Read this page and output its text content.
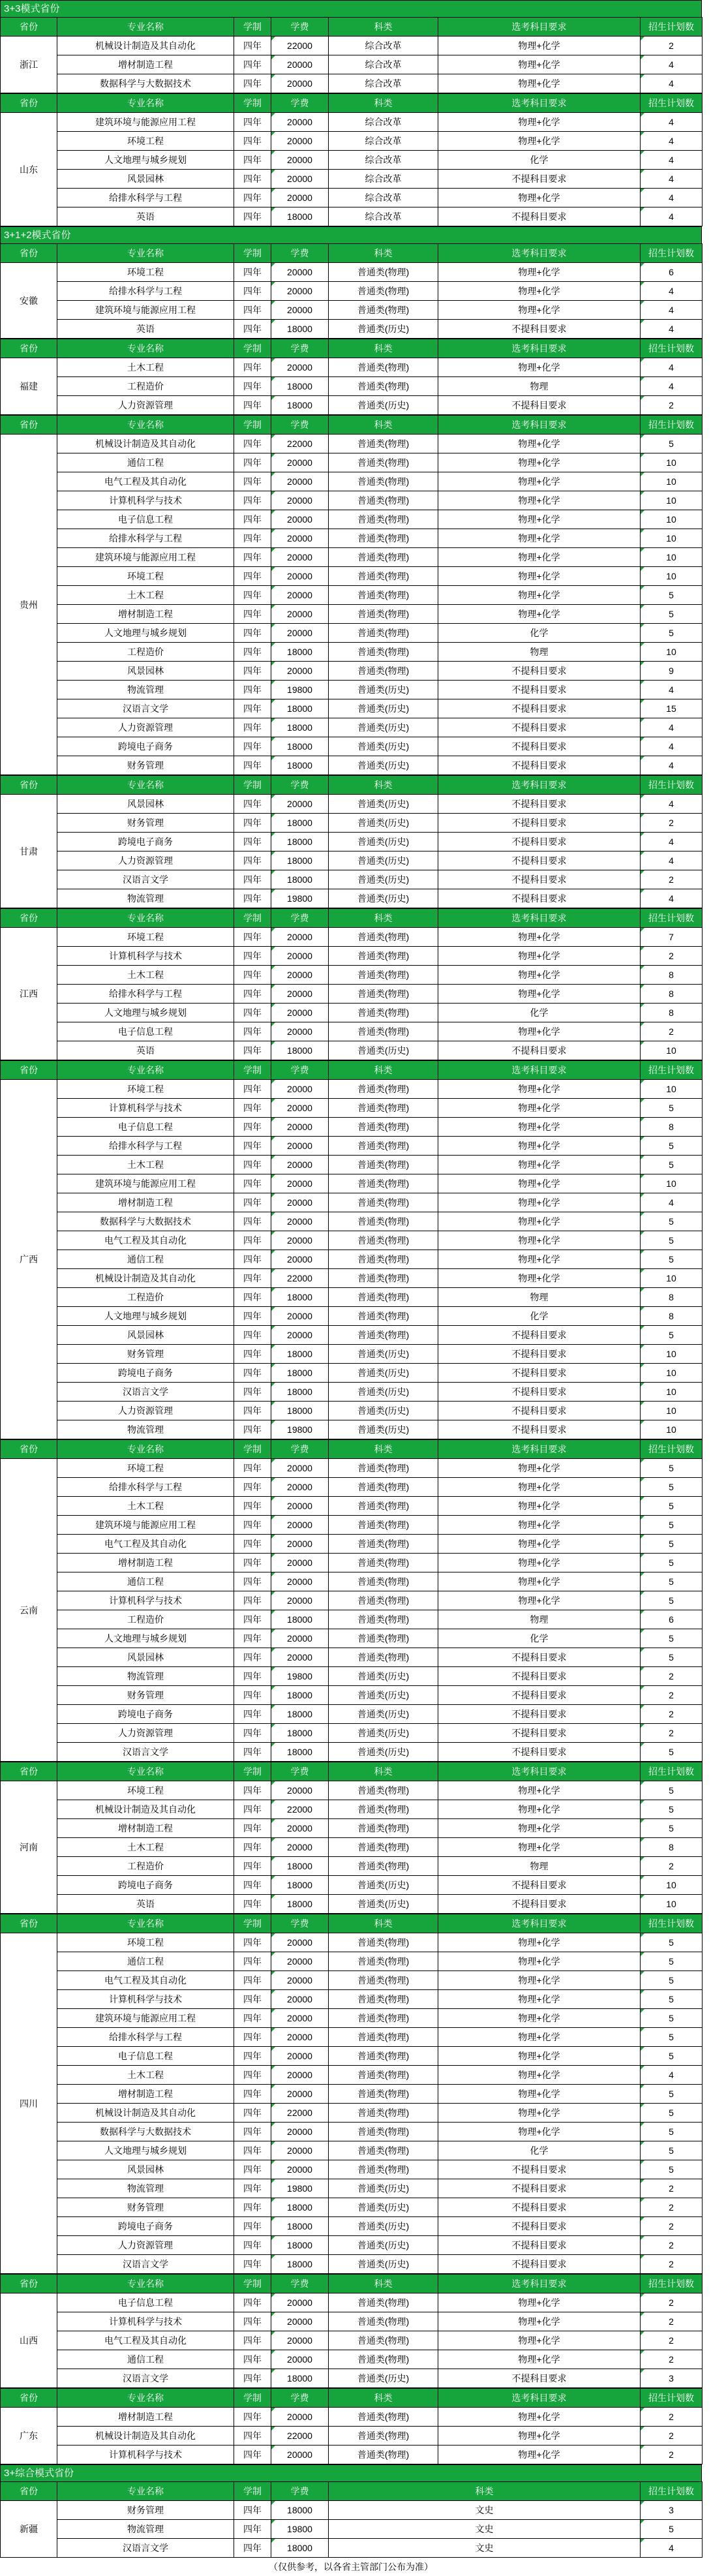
3+3模式省份
省份	专业名称	学制	学费	科类	选考科目要求	招生计划数
浙江	机械设计制造及其自动化	四年	22000	综合改革	物理+化学	2
	增材制造工程	四年	20000	综合改革	物理+化学	4
	数据科学与大数据技术	四年	20000	综合改革	物理+化学	4
省份	专业名称	学制	学费	科类	选考科目要求	招生计划数
山东	建筑环境与能源应用工程	四年	20000	综合改革	物理+化学	4
	环境工程	四年	20000	综合改革	物理+化学	4
	人文地理与城乡规划	四年	20000	综合改革	化学	4
	风景园林	四年	20000	综合改革	不提科目要求	4
	给排水科学与工程	四年	20000	综合改革	物理+化学	4
	英语	四年	18000	综合改革	不提科目要求	4
3+1+2模式省份
省份	专业名称	学制	学费	科类	选考科目要求	招生计划数
安徽	环境工程	四年	20000	普通类(物理)	物理+化学	6
	给排水科学与工程	四年	20000	普通类(物理)	物理+化学	4
	建筑环境与能源应用工程	四年	20000	普通类(物理)	物理+化学	4
	英语	四年	18000	普通类(历史)	不提科目要求	4
省份	专业名称	学制	学费	科类	选考科目要求	招生计划数
福建	土木工程	四年	20000	普通类(物理)	物理+化学	4
	工程造价	四年	18000	普通类(物理)	物理	4
	人力资源管理	四年	18000	普通类(历史)	不提科目要求	2
省份	专业名称	学制	学费	科类	选考科目要求	招生计划数
贵州	机械设计制造及其自动化	四年	22000	普通类(物理)	物理+化学	5
	通信工程	四年	20000	普通类(物理)	物理+化学	10
	电气工程及其自动化	四年	20000	普通类(物理)	物理+化学	10
	计算机科学与技术	四年	20000	普通类(物理)	物理+化学	10
	电子信息工程	四年	20000	普通类(物理)	物理+化学	10
	给排水科学与工程	四年	20000	普通类(物理)	物理+化学	10
	建筑环境与能源应用工程	四年	20000	普通类(物理)	物理+化学	10
	环境工程	四年	20000	普通类(物理)	物理+化学	10
	土木工程	四年	20000	普通类(物理)	物理+化学	5
	增材制造工程	四年	20000	普通类(物理)	物理+化学	5
	人文地理与城乡规划	四年	20000	普通类(物理)	化学	5
	工程造价	四年	18000	普通类(物理)	物理	10
	风景园林	四年	20000	普通类(物理)	不提科目要求	9
	物流管理	四年	19800	普通类(历史)	不提科目要求	4
	汉语言文学	四年	18000	普通类(历史)	不提科目要求	15
	人力资源管理	四年	18000	普通类(历史)	不提科目要求	4
	跨境电子商务	四年	18000	普通类(历史)	不提科目要求	4
	财务管理	四年	18000	普通类(历史)	不提科目要求	4
省份	专业名称	学制	学费	科类	选考科目要求	招生计划数
甘肃	风景园林	四年	20000	普通类(历史)	不提科目要求	4
	财务管理	四年	18000	普通类(历史)	不提科目要求	2
	跨境电子商务	四年	18000	普通类(历史)	不提科目要求	4
	人力资源管理	四年	18000	普通类(历史)	不提科目要求	4
	汉语言文学	四年	18000	普通类(历史)	不提科目要求	2
	物流管理	四年	19800	普通类(历史)	不提科目要求	4
省份	专业名称	学制	学费	科类	选考科目要求	招生计划数
江西	环境工程	四年	20000	普通类(物理)	物理+化学	7
	计算机科学与技术	四年	20000	普通类(物理)	物理+化学	2
	土木工程	四年	20000	普通类(物理)	物理+化学	8
	给排水科学与工程	四年	20000	普通类(物理)	物理+化学	8
	人文地理与城乡规划	四年	20000	普通类(物理)	化学	8
	电子信息工程	四年	20000	普通类(物理)	物理+化学	2
	英语	四年	18000	普通类(历史)	不提科目要求	10
省份	专业名称	学制	学费	科类	选考科目要求	招生计划数
广西	环境工程	四年	20000	普通类(物理)	物理+化学	10
	计算机科学与技术	四年	20000	普通类(物理)	物理+化学	5
	电子信息工程	四年	20000	普通类(物理)	物理+化学	8
	给排水科学与工程	四年	20000	普通类(物理)	物理+化学	5
	土木工程	四年	20000	普通类(物理)	物理+化学	5
	建筑环境与能源应用工程	四年	20000	普通类(物理)	物理+化学	10
	增材制造工程	四年	20000	普通类(物理)	物理+化学	4
	数据科学与大数据技术	四年	20000	普通类(物理)	物理+化学	5
	电气工程及其自动化	四年	20000	普通类(物理)	物理+化学	5
	通信工程	四年	20000	普通类(物理)	物理+化学	5
	机械设计制造及其自动化	四年	22000	普通类(物理)	物理+化学	10
	工程造价	四年	18000	普通类(物理)	物理	8
	人文地理与城乡规划	四年	20000	普通类(物理)	化学	8
	风景园林	四年	20000	普通类(物理)	不提科目要求	5
	财务管理	四年	18000	普通类(历史)	不提科目要求	10
	跨境电子商务	四年	18000	普通类(历史)	不提科目要求	10
	汉语言文学	四年	18000	普通类(历史)	不提科目要求	10
	人力资源管理	四年	18000	普通类(历史)	不提科目要求	10
	物流管理	四年	19800	普通类(历史)	不提科目要求	10
省份	专业名称	学制	学费	科类	选考科目要求	招生计划数
云南	环境工程	四年	20000	普通类(物理)	物理+化学	5
	给排水科学与工程	四年	20000	普通类(物理)	物理+化学	5
	土木工程	四年	20000	普通类(物理)	物理+化学	5
	建筑环境与能源应用工程	四年	20000	普通类(物理)	物理+化学	5
	电气工程及其自动化	四年	20000	普通类(物理)	物理+化学	5
	增材制造工程	四年	20000	普通类(物理)	物理+化学	5
	通信工程	四年	20000	普通类(物理)	物理+化学	5
	计算机科学与技术	四年	20000	普通类(物理)	物理+化学	5
	工程造价	四年	18000	普通类(物理)	物理	6
	人文地理与城乡规划	四年	20000	普通类(物理)	化学	5
	风景园林	四年	20000	普通类(物理)	不提科目要求	5
	物流管理	四年	19800	普通类(历史)	不提科目要求	2
	财务管理	四年	18000	普通类(历史)	不提科目要求	2
	跨境电子商务	四年	18000	普通类(历史)	不提科目要求	2
	人力资源管理	四年	18000	普通类(历史)	不提科目要求	2
	汉语言文学	四年	18000	普通类(历史)	不提科目要求	5
省份	专业名称	学制	学费	科类	选考科目要求	招生计划数
河南	环境工程	四年	20000	普通类(物理)	物理+化学	5
	机械设计制造及其自动化	四年	22000	普通类(物理)	物理+化学	5
	增材制造工程	四年	20000	普通类(物理)	物理+化学	5
	土木工程	四年	20000	普通类(物理)	物理+化学	8
	工程造价	四年	18000	普通类(物理)	物理	2
	跨境电子商务	四年	18000	普通类(历史)	不提科目要求	10
	英语	四年	18000	普通类(历史)	不提科目要求	10
省份	专业名称	学制	学费	科类	选考科目要求	招生计划数
四川	环境工程	四年	20000	普通类(物理)	物理+化学	5
	通信工程	四年	20000	普通类(物理)	物理+化学	5
	电气工程及其自动化	四年	20000	普通类(物理)	物理+化学	5
	计算机科学与技术	四年	20000	普通类(物理)	物理+化学	5
	建筑环境与能源应用工程	四年	20000	普通类(物理)	物理+化学	5
	给排水科学与工程	四年	20000	普通类(物理)	物理+化学	5
	电子信息工程	四年	20000	普通类(物理)	物理+化学	5
	土木工程	四年	20000	普通类(物理)	物理+化学	4
	增材制造工程	四年	20000	普通类(物理)	物理+化学	5
	机械设计制造及其自动化	四年	22000	普通类(物理)	物理+化学	5
	数据科学与大数据技术	四年	20000	普通类(物理)	物理+化学	5
	人文地理与城乡规划	四年	20000	普通类(物理)	化学	5
	风景园林	四年	20000	普通类(物理)	不提科目要求	5
	物流管理	四年	19800	普通类(历史)	不提科目要求	2
	财务管理	四年	18000	普通类(历史)	不提科目要求	2
	跨境电子商务	四年	18000	普通类(历史)	不提科目要求	2
	人力资源管理	四年	18000	普通类(历史)	不提科目要求	2
	汉语言文学	四年	18000	普通类(历史)	不提科目要求	2
省份	专业名称	学制	学费	科类	选考科目要求	招生计划数
山西	电子信息工程	四年	20000	普通类(物理)	物理+化学	2
	计算机科学与技术	四年	20000	普通类(物理)	物理+化学	2
	电气工程及其自动化	四年	20000	普通类(物理)	物理+化学	2
	通信工程	四年	20000	普通类(物理)	物理+化学	2
	汉语言文学	四年	18000	普通类(历史)	不提科目要求	3
省份	专业名称	学制	学费	科类	选考科目要求	招生计划数
广东	增材制造工程	四年	20000	普通类(物理)	物理+化学	2
	机械设计制造及其自动化	四年	22000	普通类(物理)	物理+化学	2
	计算机科学与技术	四年	20000	普通类(物理)	物理+化学	2
3+综合模式省份
省份	专业名称	学制	学费	科类	招生计划数
新疆	财务管理	四年	18000	文史	3
	物流管理	四年	19800	文史	5
	汉语言文学	四年	18000	文史	4
（仅供参考，以各省主管部门公布为准）
